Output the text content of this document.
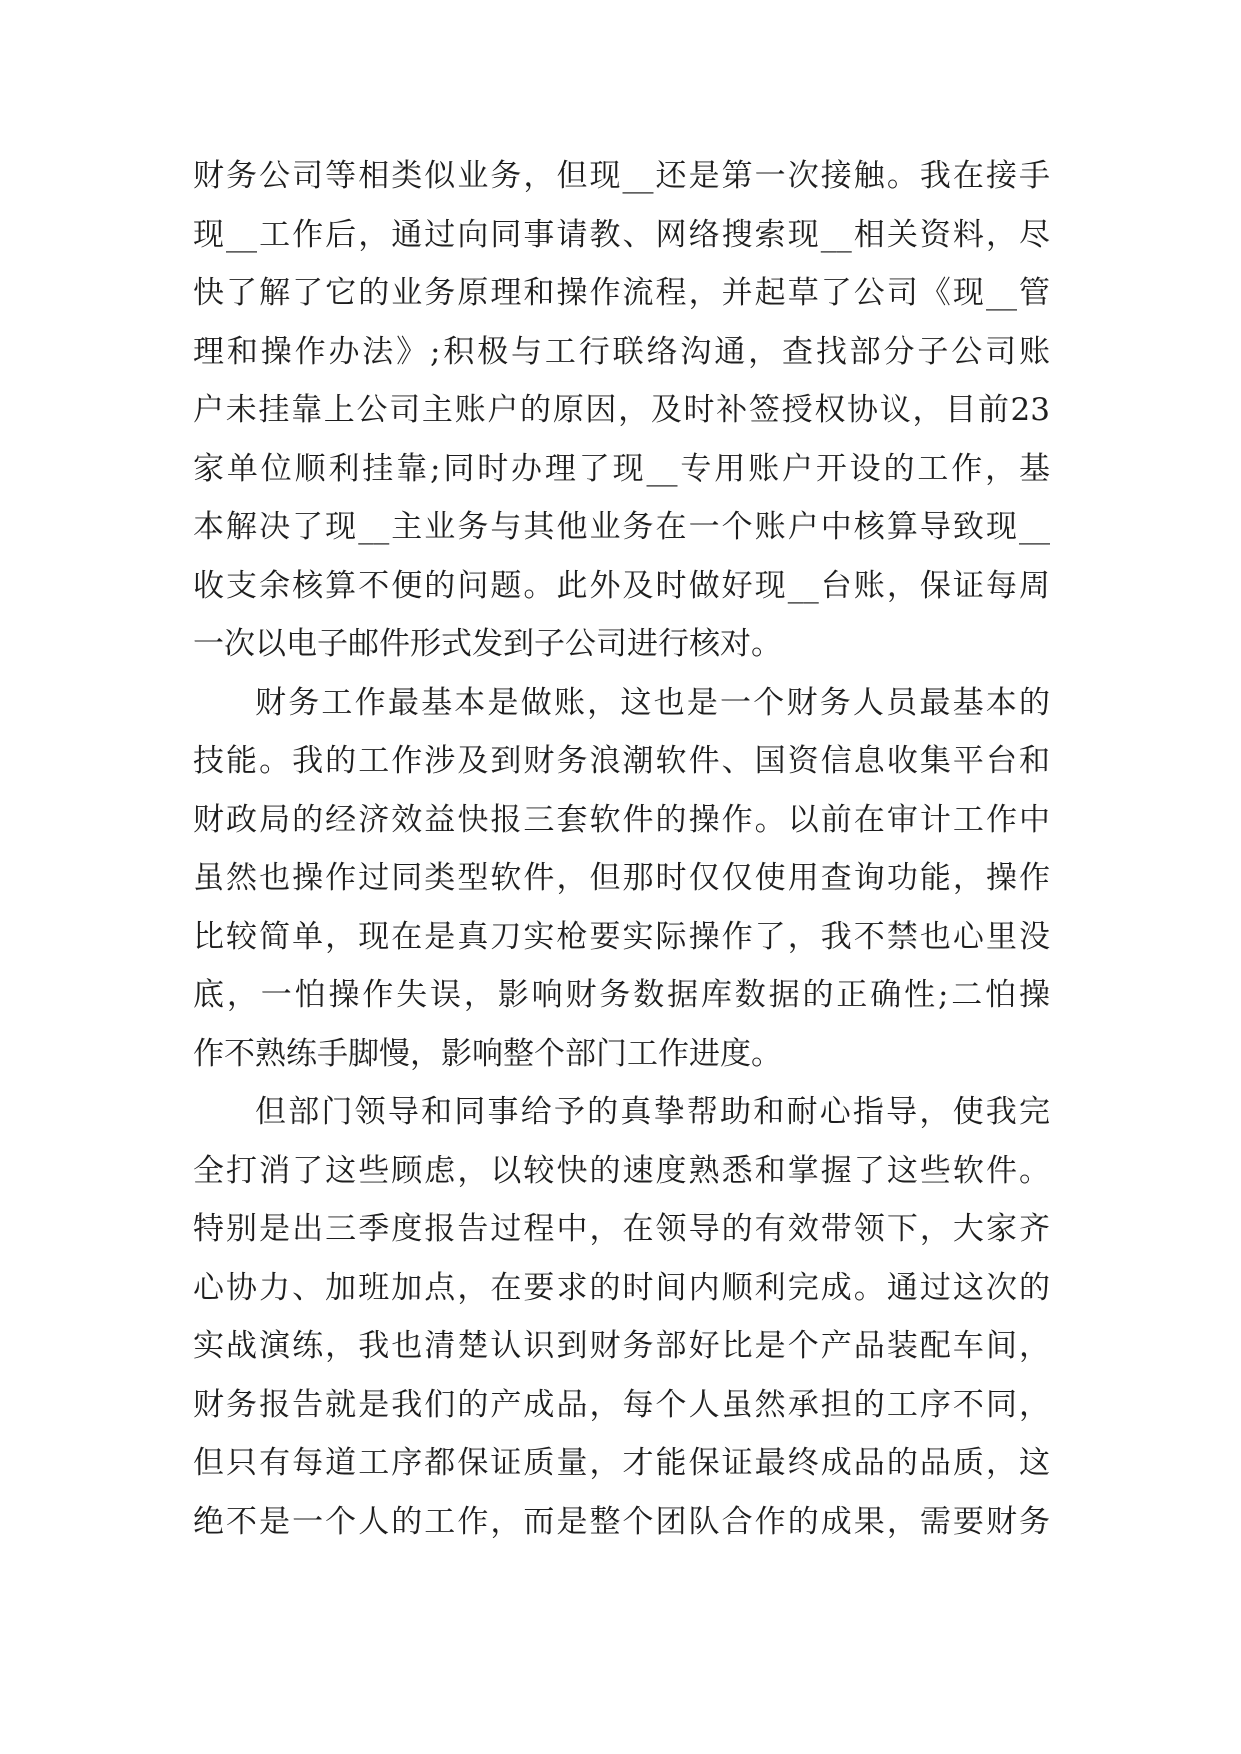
财务公司等相类似业务，但现__还是第一次接触。我在接手
现__工作后，通过向同事请教、网络搜索现__相关资料，尽
快了解了它的业务原理和操作流程，并起草了公司《现__管
理和操作办法》;积极与工行联络沟通，查找部分子公司账
户未挂靠上公司主账户的原因，及时补签授权协议，目前23
家单位顺利挂靠;同时办理了现__专用账户开设的工作，基
本解决了现__主业务与其他业务在一个账户中核算导致现__
收支余核算不便的问题。此外及时做好现__台账，保证每周
一次以电子邮件形式发到子公司进行核对。
财务工作最基本是做账，这也是一个财务人员最基本的
技能。我的工作涉及到财务浪潮软件、国资信息收集平台和
财政局的经济效益快报三套软件的操作。以前在审计工作中
虽然也操作过同类型软件，但那时仅仅使用查询功能，操作
比较简单，现在是真刀实枪要实际操作了，我不禁也心里没
底，一怕操作失误，影响财务数据库数据的正确性;二怕操
作不熟练手脚慢，影响整个部门工作进度。
但部门领导和同事给予的真挚帮助和耐心指导，使我完
全打消了这些顾虑，以较快的速度熟悉和掌握了这些软件。
特别是出三季度报告过程中，在领导的有效带领下，大家齐
心协力、加班加点，在要求的时间内顺利完成。通过这次的
实战演练，我也清楚认识到财务部好比是个产品装配车间，
财务报告就是我们的产成品，每个人虽然承担的工序不同，
但只有每道工序都保证质量，才能保证最终成品的品质，这
绝不是一个人的工作，而是整个团队合作的成果，需要财务
